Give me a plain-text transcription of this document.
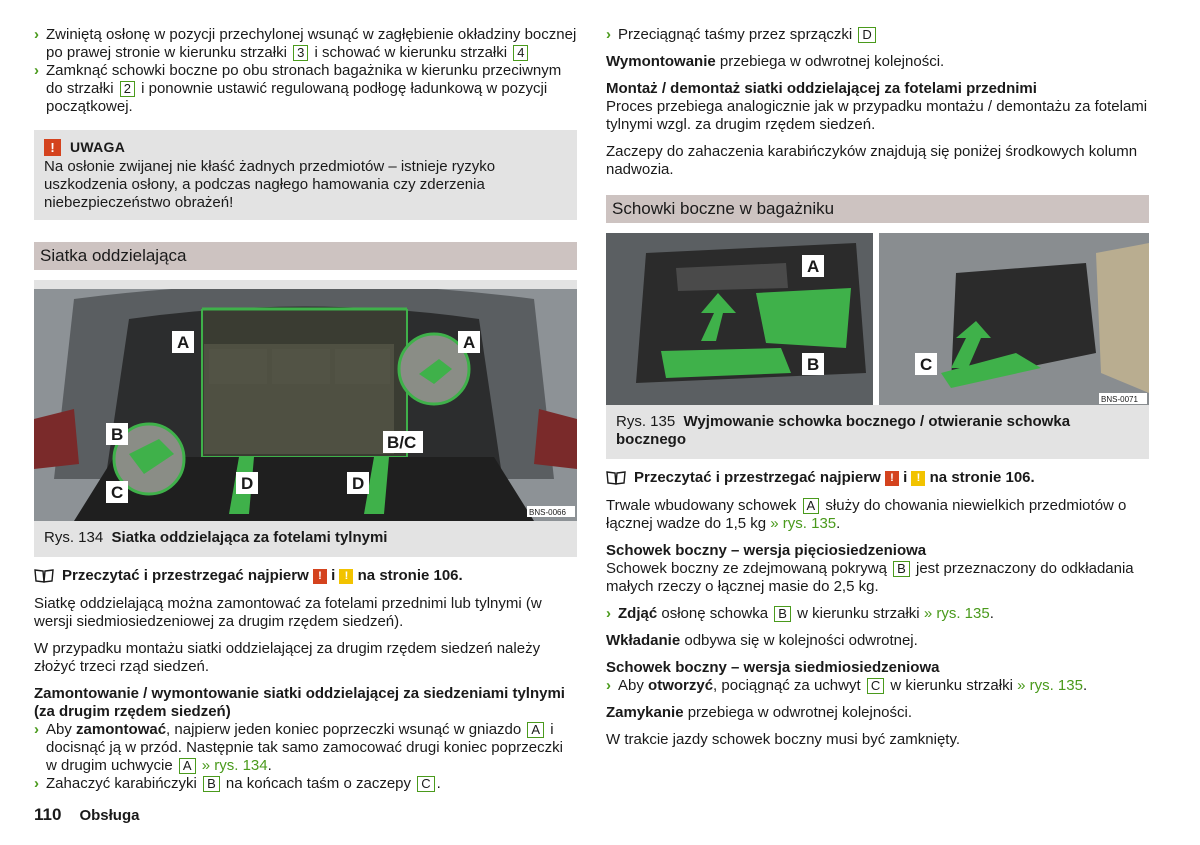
› Zwiniętą osłonę w pozycji przechylonej wsunąć w zagłębienie okładziny bocznej po prawej stronie w kierunku strzałki 3 i schować w kierunku strzałki 4
› Zamknąć schowki boczne po obu stronach bagażnika w kierunku przeciwnym do strzałki 2 i ponownie ustawić regulowaną podłogę ładunkową w pozycji początkowej.
!	UWAGA
Na osłonie zwijanej nie kłaść żadnych przedmiotów – istnieje ryzyko uszkodzenia osłony, a podczas nagłego hamowania czy zderzenia niebezpieczeństwo obrażeń!
Siatka oddzielająca
A	A
B
C
B/C
D	D
BNS-0066
Rys. 134 Siatka oddzielająca za fotelami tylnymi
Przeczytać i przestrzegać najpierw ! i ! na stronie 106.

Siatkę oddzielającą można zamontować za fotelami przednimi lub tylnymi (w wersji siedmiosiedzeniowej za drugim rzędem siedzeń).

W przypadku montażu siatki oddzielającej za drugim rzędem siedzeń należy złożyć trzeci rząd siedzeń.

Zamontowanie / wymontowanie siatki oddzielającej za siedzeniami tylnymi (za drugim rzędem siedzeń)

› Aby zamontować, najpierw jeden koniec poprzeczki wsunąć w gniazdo A i docisnąć ją w przód. Następnie tak samo zamocować drugi koniec poprzeczki w drugim uchwycie A » rys. 134.
› Zahaczyć karabińczyki B na końcach taśm o zaczepy C .
› Przeciągnąć taśmy przez sprzączki D

Wymontowanie przebiega w odwrotnej kolejności.

Montaż / demontaż siatki oddzielającej za fotelami przednimi

Proces przebiega analogicznie jak w przypadku montażu / demontażu za fotelami tylnymi wzgl. za drugim rzędem siedzeń.

Zaczepy do zahaczenia karabińczyków znajdują się poniżej środkowych kolumn nadwozia.

Schowki boczne w bagażniku
A
B	C
BNS-0071
Rys. 135 Wyjmowanie schowka bocznego / otwieranie schowka bocznego
Przeczytać i przestrzegać najpierw ! i ! na stronie 106.

Trwale wbudowany schowek A służy do chowania niewielkich przedmiotów o łącznej wadze do 1,5 kg » rys. 135.

Schowek boczny – wersja pięciosiedzeniowa

Schowek boczny ze zdejmowaną pokrywą B jest przeznaczony do odkładania małych rzeczy o łącznej masie do 2,5 kg.

› Zdjąć osłonę schowka B w kierunku strzałki » rys. 135.

Wkładanie odbywa się w kolejności odwrotnej.

Schowek boczny – wersja siedmiosiedzeniowa

› Aby otworzyć, pociągnąć za uchwyt C w kierunku strzałki » rys. 135.

Zamykanie przebiega w odwrotnej kolejności.

W trakcie jazdy schowek boczny musi być zamknięty.

110 Obsługa
